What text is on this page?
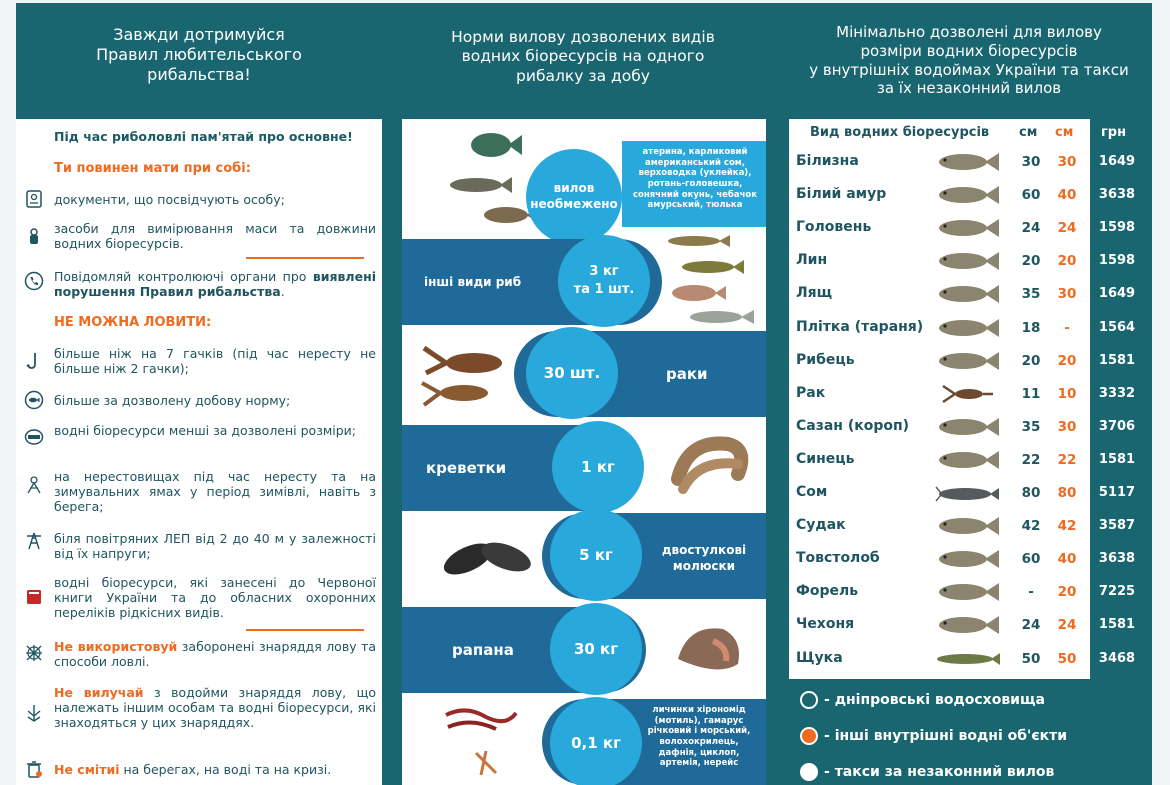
Завжди дотримуйся
Правил любительського
рибальства!
Норми вилову дозволених видів
водних біоресурсів на одного
рибалку за добу
Мінімально дозволені для вилову
розміри водних біоресурсів
у внутрішніх водоймах України та такси
за їх незаконний вилов
Під час риболовлі пам'ятай про основне!
Ти повинен мати при собі:
документи, що посвідчують особу;
засоби для вимірювання маси та довжини водних біоресурсів.
Повідомляй контролюючі органи про виявлені порушення Правил рибальства.
НЕ МОЖНА ЛОВИТИ:
більше ніж на 7 гачків (під час нересту не більше ніж 2 гачки);
більше за дозволену добову норму;
водні біоресурси менші за дозволені розміри;
на нерестовищах під час нересту та на зимувальних ямах у період зимівлі, навіть з берега;
біля повітряних ЛЕП від 2 до 40 м у залежності від їх напруги;
водні біоресурси, які занесені до Червоної книги України та до обласних охоронних переліків рідкісних видів.
Не використовуй заборонені знаряддя лову та способи ловлі.
Не вилучай з водойми знаряддя лову, що належать іншим особам та водні біоресурси, які знаходяться у цих знаряддях.
Не смітиі на берегах, на воді та на кризі.
вилов
необмежено
атерина, карликовий американський сом, верховодка (уклейка), ротань-головешка, сонячний окунь, чебачок амурський, тюлька
інші види риб
3 кг
та 1 шт.
30 шт.	раки
креветки	1 кг
5 кг	двостулкові молюски
рапана	30 кг
0,1 кг
личинки хірономід (мотиль), гамарус річковий і морський, волохокрилець, дафнія, циклоп, артемія, нерейс
Вид водних біоресурсів см см грн
Білизна	30 30	1649
Білий амур	60 40	3638
Головень	24 24	1598
Лин	20 20	1598
Лящ	35 30	1649
Плітка (тараня)	18	-	1564
Рибець	20 20	1581
Рак	11 10	3332
Сазан (короп)	35 30	3706
Синець	22 22	1581
Сом	80 80	5117
Судак	42 42	3587
Товстолоб	60 40	3638
Форель	-	20	7225
Чехоня	24 24	1581
Щука	50 50	3468
- дніпровські водосховища
- інші внутрішні водні об'єкти
- такси за незаконний вилов
